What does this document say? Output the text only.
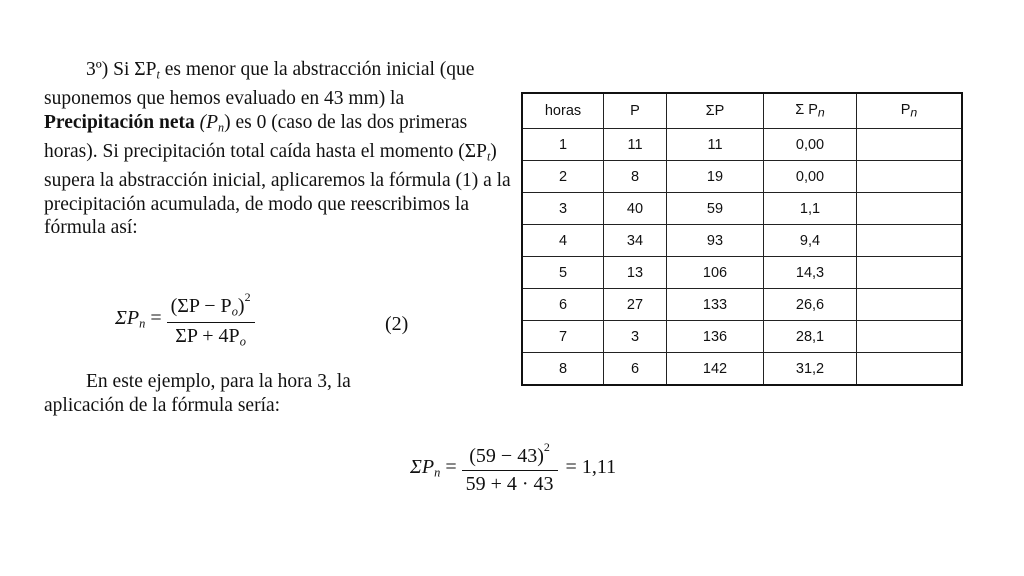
3º) Si $\Sigma P_t$ es menor que la abstracción inicial (que suponemos que hemos evaluado en 43 mm) la Precipitación neta $(P_n)$ es 0 (caso de las dos primeras horas). Si precipitación total caída hasta el momento $(\Sigma P_t)$ supera la abstracción inicial, aplicaremos la fórmula (1) a la precipitación acumulada, de modo que reescribimos la fórmula así:

$\Sigma P_n = \frac{(\Sigma P - P_o)^2}{\Sigma P + 4P_o}$	(2)

En este ejemplo, para la hora 3, la

aplicación de la fórmula sería:

$\Sigma P_n = \frac{(59 - 43)^2}{59 + 4 \cdot 43} = 1,11$
horas	P	ΣP	Σ Pn	Pn
1	11	11	0,00	
2	8	19	0,00	
3	40	59	1,1	
4	34	93	9,4	
5	13	106	14,3	
6	27	133	26,6	
7	3	136	28,1	
8	6	142	31,2	
